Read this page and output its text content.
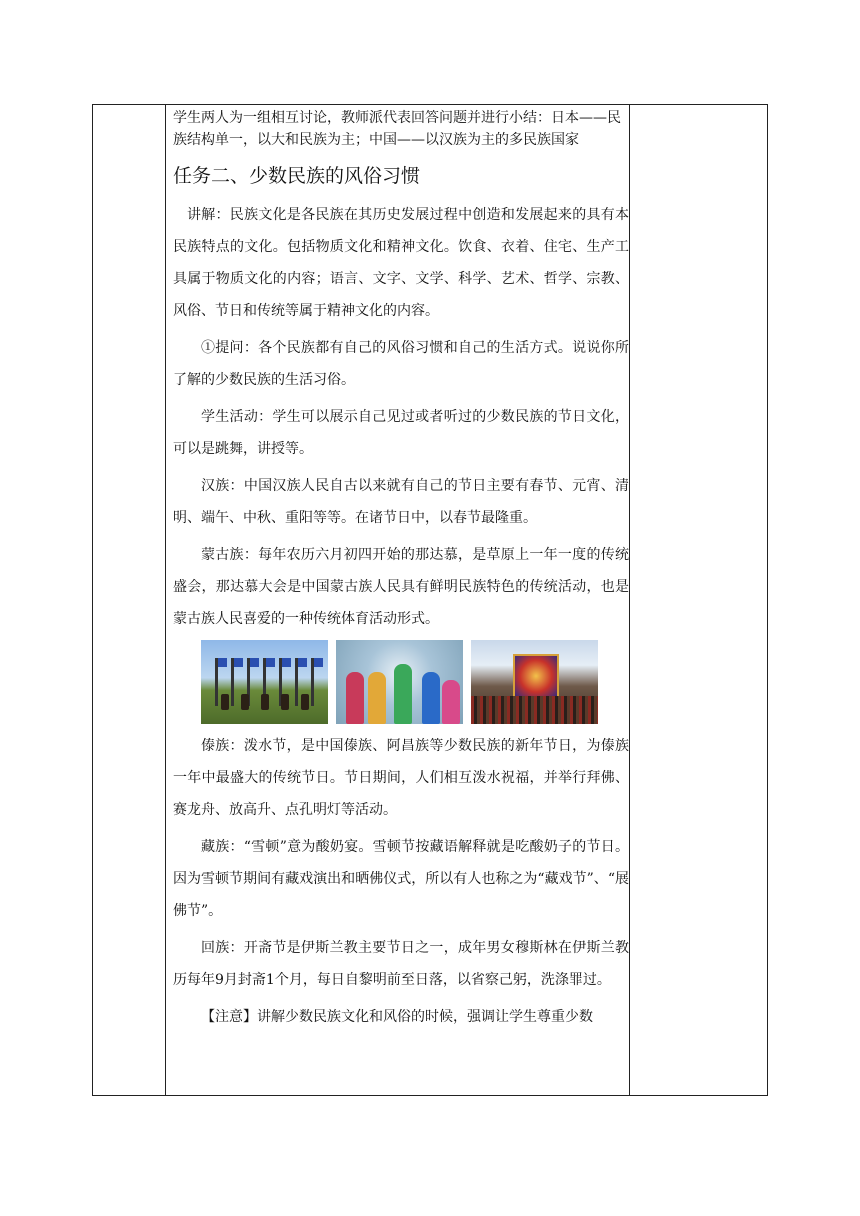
学生两人为一组相互讨论，教师派代表回答问题并进行小结：日本——民族结构单一，以大和民族为主；中国——以汉族为主的多民族国家

任务二、少数民族的风俗习惯

讲解：民族文化是各民族在其历史发展过程中创造和发展起来的具有本民族特点的文化。包括物质文化和精神文化。饮食、衣着、住宅、生产工具属于物质文化的内容；语言、文字、文学、科学、艺术、哲学、宗教、风俗、节日和传统等属于精神文化的内容。

①提问：各个民族都有自己的风俗习惯和自己的生活方式。说说你所了解的少数民族的生活习俗。

学生活动：学生可以展示自己见过或者听过的少数民族的节日文化，可以是跳舞，讲授等。

汉族：中国汉族人民自古以来就有自己的节日主要有春节、元宵、清明、端午、中秋、重阳等等。在诸节日中，以春节最隆重。

蒙古族：每年农历六月初四开始的那达慕，是草原上一年一度的传统盛会，那达慕大会是中国蒙古族人民具有鲜明民族特色的传统活动，也是蒙古族人民喜爱的一种传统体育活动形式。

傣族：泼水节，是中国傣族、阿昌族等少数民族的新年节日，为傣族一年中最盛大的传统节日。节日期间，人们相互泼水祝福，并举行拜佛、赛龙舟、放高升、点孔明灯等活动。

藏族：“雪顿”意为酸奶宴。雪顿节按藏语解释就是吃酸奶子的节日。因为雪顿节期间有藏戏演出和晒佛仪式，所以有人也称之为“藏戏节”、“展佛节”。

回族：开斋节是伊斯兰教主要节日之一，成年男女穆斯林在伊斯兰教历每年9月封斋1个月，每日自黎明前至日落，以省察己躬，洗涤罪过。

【注意】讲解少数民族文化和风俗的时候，强调让学生尊重少数
